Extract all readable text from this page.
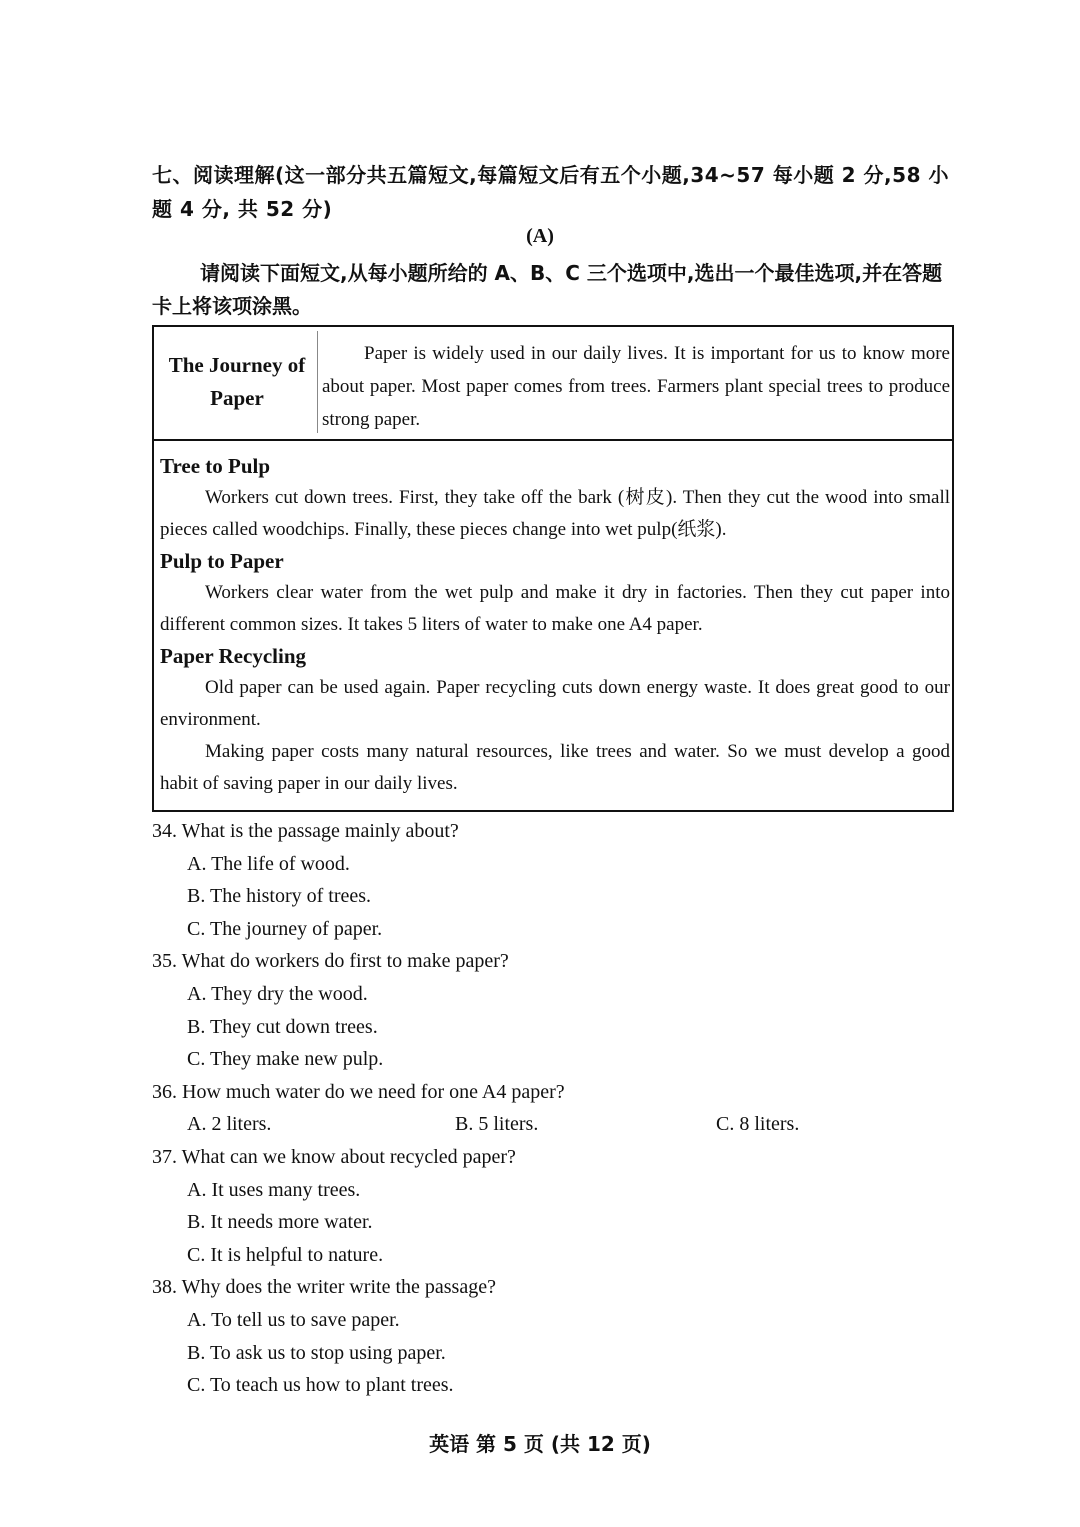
七、阅读理解(这一部分共五篇短文,每篇短文后有五个小题,34~57 每小题 2 分,58 小题 4 分, 共 52 分)
(A)
请阅读下面短文,从每小题所给的 A、B、C 三个选项中,选出一个最佳选项,并在答题卡上将该项涂黑。
The Journey of
Paper
Paper is widely used in our daily lives. It is important for us to know more about paper. Most paper comes from trees. Farmers plant special trees to produce strong paper.

Tree to Pulp

Workers cut down trees. First, they take off the bark (树皮). Then they cut the wood into small pieces called woodchips. Finally, these pieces change into wet pulp(纸浆).

Pulp to Paper

Workers clear water from the wet pulp and make it dry in factories. Then they cut paper into different common sizes. It takes 5 liters of water to make one A4 paper.

Paper Recycling

Old paper can be used again. Paper recycling cuts down energy waste. It does great good to our environment.

Making paper costs many natural resources, like trees and water. So we must develop a good habit of saving paper in our daily lives.

34. What is the passage mainly about?

A. The life of wood.

B. The history of trees.

C. The journey of paper.

35. What do workers do first to make paper?

A. They dry the wood.

B. They cut down trees.

C. They make new pulp.

36. How much water do we need for one A4 paper?

A. 2 liters.	B. 5 liters.	C. 8 liters.

37. What can we know about recycled paper?

A. It uses many trees.

B. It needs more water.

C. It is helpful to nature.

38. Why does the writer write the passage?

A. To tell us to save paper.

B. To ask us to stop using paper.

C. To teach us how to plant trees.

英语 第 5 页 (共 12 页)
